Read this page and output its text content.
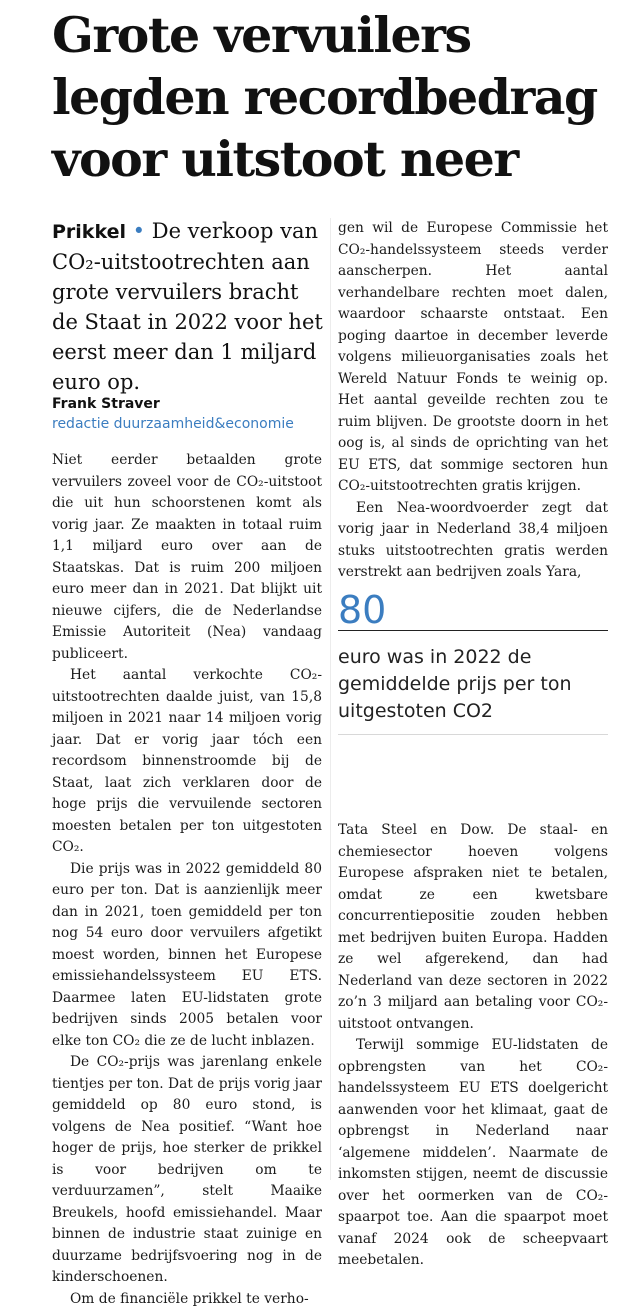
Grote vervuilers legden recordbedrag voor uitstoot neer

Prikkel • De verkoop van CO₂-uitstootrechten aan grote vervuilers bracht de Staat in 2022 voor het eerst meer dan 1 miljard euro op.

Frank Straver
redactie duurzaamheid&economie

Niet eerder betaalden grote vervuilers zoveel voor de CO₂-uitstoot die uit hun schoorstenen komt als vorig jaar. Ze maakten in totaal ruim 1,1 miljard euro over aan de Staatskas. Dat is ruim 200 miljoen euro meer dan in 2021. Dat blijkt uit nieuwe cijfers, die de Nederlandse Emissie Autoriteit (Nea) vandaag publiceert.

Het aantal verkochte CO₂-uitstootrechten daalde juist, van 15,8 miljoen in 2021 naar 14 miljoen vorig jaar. Dat er vorig jaar tóch een recordsom binnenstroomde bij de Staat, laat zich verklaren door de hoge prijs die vervuilende sectoren moesten betalen per ton uitgestoten CO₂.

Die prijs was in 2022 gemiddeld 80 euro per ton. Dat is aanzienlijk meer dan in 2021, toen gemiddeld per ton nog 54 euro door vervuilers afgetikt moest worden, binnen het Europese emissiehandelssysteem EU ETS. Daarmee laten EU-lidstaten grote bedrijven sinds 2005 betalen voor elke ton CO₂ die ze de lucht inblazen.

De CO₂-prijs was jarenlang enkele tientjes per ton. Dat de prijs vorig jaar gemiddeld op 80 euro stond, is volgens de Nea positief. “Want hoe hoger de prijs, hoe sterker de prikkel is voor bedrijven om te verduurzamen”, stelt Maaike Breukels, hoofd emissiehandel. Maar binnen de industrie staat zuinige en duurzame bedrijfsvoering nog in de kinderschoenen.

Om de financiële prikkel te verho-

gen wil de Europese Commissie het CO₂-handelssysteem steeds verder aanscherpen. Het aantal verhandelbare rechten moet dalen, waardoor schaarste ontstaat. Een poging daartoe in december leverde volgens milieuorganisaties zoals het Wereld Natuur Fonds te weinig op. Het aantal geveilde rechten zou te ruim blijven. De grootste doorn in het oog is, al sinds de oprichting van het EU ETS, dat sommige sectoren hun CO₂-uitstootrechten gratis krijgen.

Een Nea-woordvoerder zegt dat vorig jaar in Nederland 38,4 miljoen stuks uitstootrechten gratis werden verstrekt aan bedrijven zoals Yara,

80
euro was in 2022 de gemiddelde prijs per ton uitgestoten CO2

Tata Steel en Dow. De staal- en chemiesector hoeven volgens Europese afspraken niet te betalen, omdat ze een kwetsbare concurrentiepositie zouden hebben met bedrijven buiten Europa. Hadden ze wel afgerekend, dan had Nederland van deze sectoren in 2022 zo’n 3 miljard aan betaling voor CO₂-uitstoot ontvangen.

Terwijl sommige EU-lidstaten de opbrengsten van het CO₂-handelssysteem EU ETS doelgericht aanwenden voor het klimaat, gaat de opbrengst in Nederland naar ‘algemene middelen’. Naarmate de inkomsten stijgen, neemt de discussie over het oormerken van de CO₂-spaarpot toe. Aan die spaarpot moet vanaf 2024 ook de scheepvaart meebetalen.
